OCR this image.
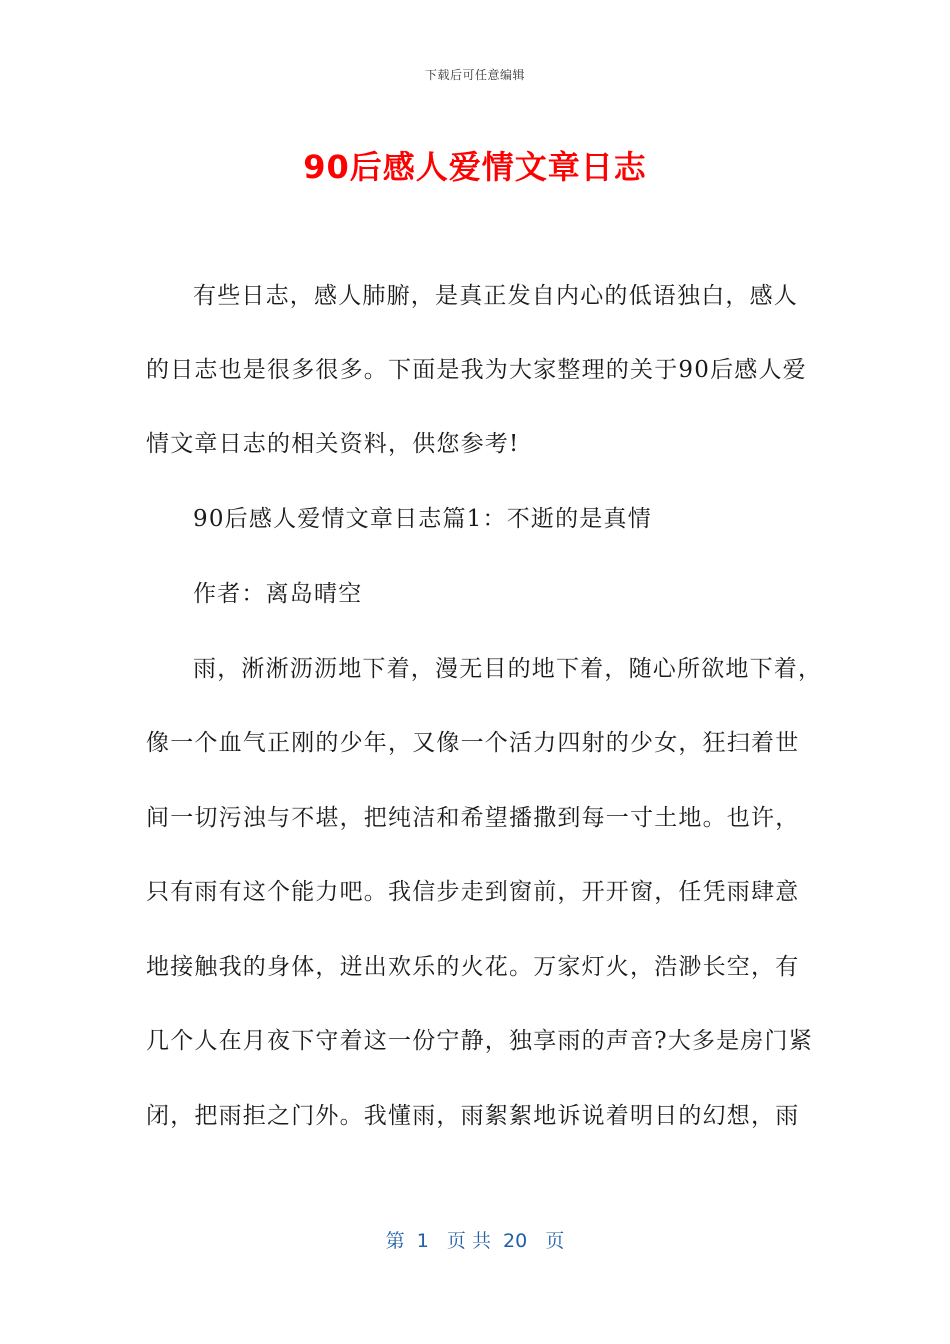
下载后可任意编辑
90后感人爱情文章日志
有些日志，感人肺腑，是真正发自内心的低语独白，感人
的日志也是很多很多。下面是我为大家整理的关于90后感人爱
情文章日志的相关资料，供您参考!
90后感人爱情文章日志篇1：不逝的是真情
作者：离岛晴空
雨，淅淅沥沥地下着，漫无目的地下着，随心所欲地下着，
像一个血气正刚的少年，又像一个活力四射的少女，狂扫着世
间一切污浊与不堪，把纯洁和希望播撒到每一寸土地。也许，
只有雨有这个能力吧。我信步走到窗前，开开窗，任凭雨肆意
地接触我的身体，迸出欢乐的火花。万家灯火，浩渺长空，有
几个人在月夜下守着这一份宁静，独享雨的声音?大多是房门紧
闭，把雨拒之门外。我懂雨，雨絮絮地诉说着明日的幻想，雨
第  1   页 共  20   页
